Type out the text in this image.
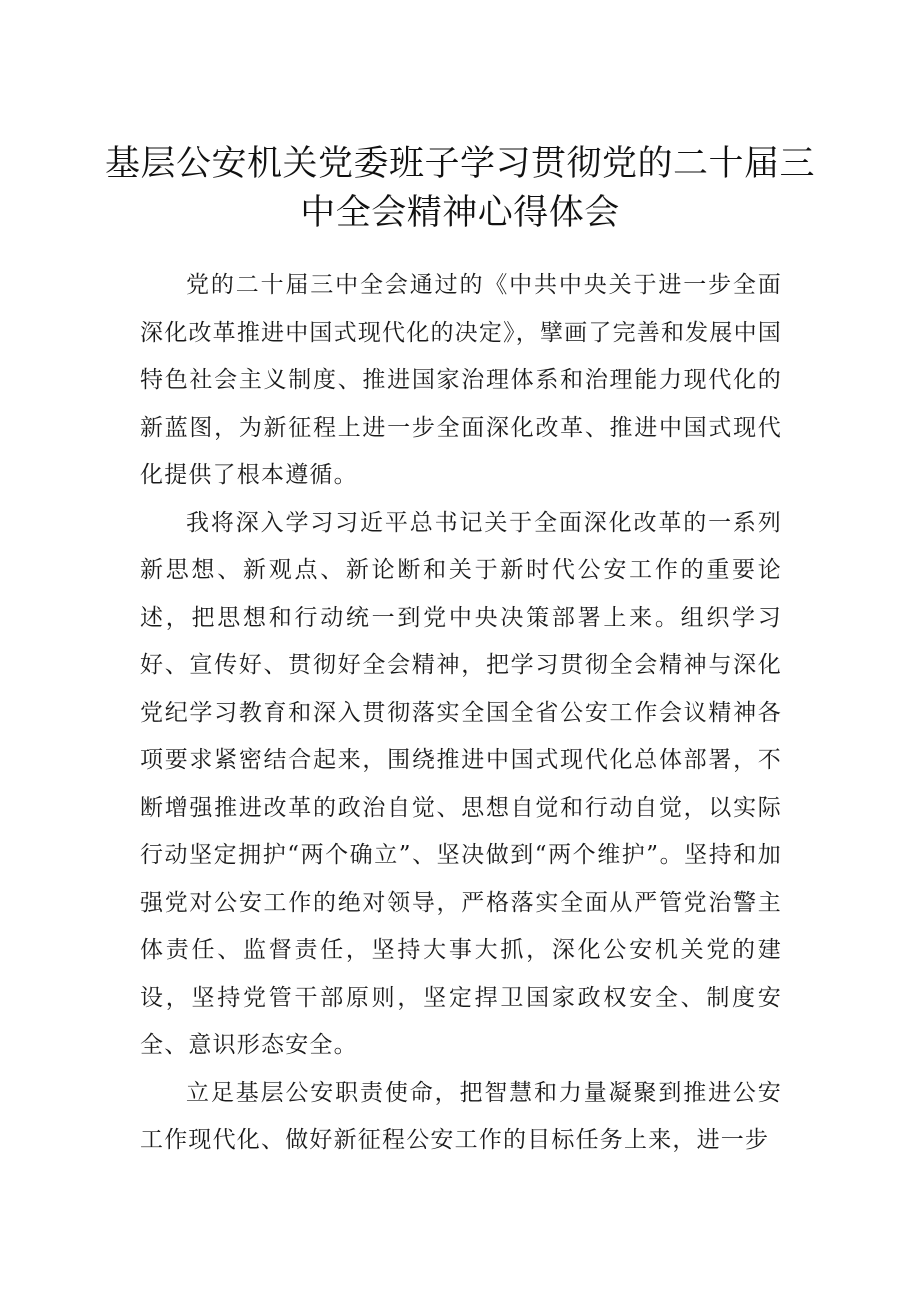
基层公安机关党委班子学习贯彻党的二十届三
中全会精神心得体会

党的二十届三中全会通过的《中共中央关于进一步全面深化改革推进中国式现代化的决定》，擘画了完善和发展中国特色社会主义制度、推进国家治理体系和治理能力现代化的新蓝图，为新征程上进一步全面深化改革、推进中国式现代化提供了根本遵循。

我将深入学习习近平总书记关于全面深化改革的一系列新思想、新观点、新论断和关于新时代公安工作的重要论述，把思想和行动统一到党中央决策部署上来。组织学习好、宣传好、贯彻好全会精神，把学习贯彻全会精神与深化党纪学习教育和深入贯彻落实全国全省公安工作会议精神各项要求紧密结合起来，围绕推进中国式现代化总体部署，不断增强推进改革的政治自觉、思想自觉和行动自觉，以实际行动坚定拥护“两个确立”、坚决做到“两个维护”。坚持和加强党对公安工作的绝对领导，严格落实全面从严管党治警主体责任、监督责任，坚持大事大抓，深化公安机关党的建设，坚持党管干部原则，坚定捍卫国家政权安全、制度安全、意识形态安全。

立足基层公安职责使命，把智慧和力量凝聚到推进公安工作现代化、做好新征程公安工作的目标任务上来，进一步
